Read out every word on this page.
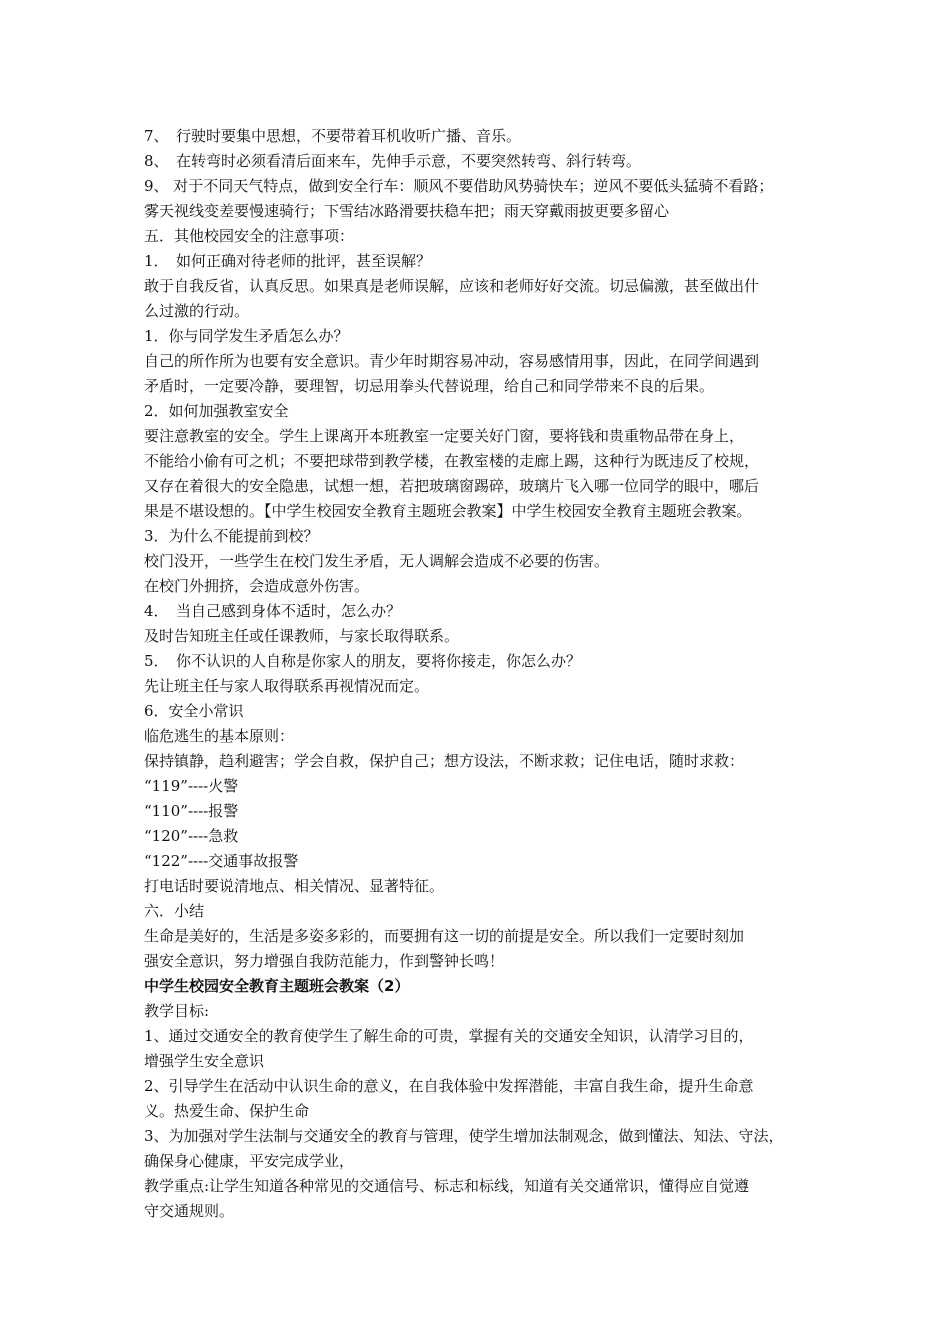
7、　行驶时要集中思想，不要带着耳机收听广播、音乐。

8、　在转弯时必须看清后面来车，先伸手示意，不要突然转弯、斜行转弯。

9、 对于不同天气特点，做到安全行车：顺风不要借助风势骑快车；逆风不要低头猛骑不看路；

雾天视线变差要慢速骑行；下雪结冰路滑要扶稳车把；雨天穿戴雨披更要多留心

五．其他校园安全的注意事项：

1．　如何正确对待老师的批评，甚至误解？

敢于自我反省，认真反思。如果真是老师误解，应该和老师好好交流。切忌偏激，甚至做出什

么过激的行动。

1．你与同学发生矛盾怎么办？

自己的所作所为也要有安全意识。青少年时期容易冲动，容易感情用事，因此，在同学间遇到

矛盾时，一定要冷静，要理智，切忌用拳头代替说理，给自己和同学带来不良的后果。

2．如何加强教室安全

要注意教室的安全。学生上课离开本班教室一定要关好门窗，要将钱和贵重物品带在身上，

不能给小偷有可之机；不要把球带到教学楼，在教室楼的走廊上踢，这种行为既违反了校规，

又存在着很大的安全隐患，试想一想，若把玻璃窗踢碎，玻璃片飞入哪一位同学的眼中，哪后

果是不堪设想的。【中学生校园安全教育主题班会教案】中学生校园安全教育主题班会教案。

3．为什么不能提前到校？

校门没开，一些学生在校门发生矛盾，无人调解会造成不必要的伤害。

在校门外拥挤，会造成意外伤害。

4．　当自己感到身体不适时，怎么办？

及时告知班主任或任课教师，与家长取得联系。

5．　你不认识的人自称是你家人的朋友，要将你接走，你怎么办？

先让班主任与家人取得联系再视情况而定。

6．安全小常识

临危逃生的基本原则：

保持镇静，趋利避害；学会自救，保护自己；想方设法，不断求救；记住电话，随时求救：

“119”----火警

“110”----报警

“120”----急救

“122”----交通事故报警

打电话时要说清地点、相关情况、显著特征。

六．小结

生命是美好的，生活是多姿多彩的，而要拥有这一切的前提是安全。所以我们一定要时刻加

强安全意识，努力增强自我防范能力，作到警钟长鸣！

中学生校园安全教育主题班会教案（2）

教学目标:

1、通过交通安全的教育使学生了解生命的可贵，掌握有关的交通安全知识，认清学习目的，

增强学生安全意识

2、引导学生在活动中认识生命的意义，在自我体验中发挥潜能，丰富自我生命，提升生命意

义。热爱生命、保护生命

3、为加强对学生法制与交通安全的教育与管理，使学生增加法制观念，做到懂法、知法、守法，

确保身心健康，平安完成学业，

教学重点:让学生知道各种常见的交通信号、标志和标线，知道有关交通常识，懂得应自觉遵

守交通规则。
